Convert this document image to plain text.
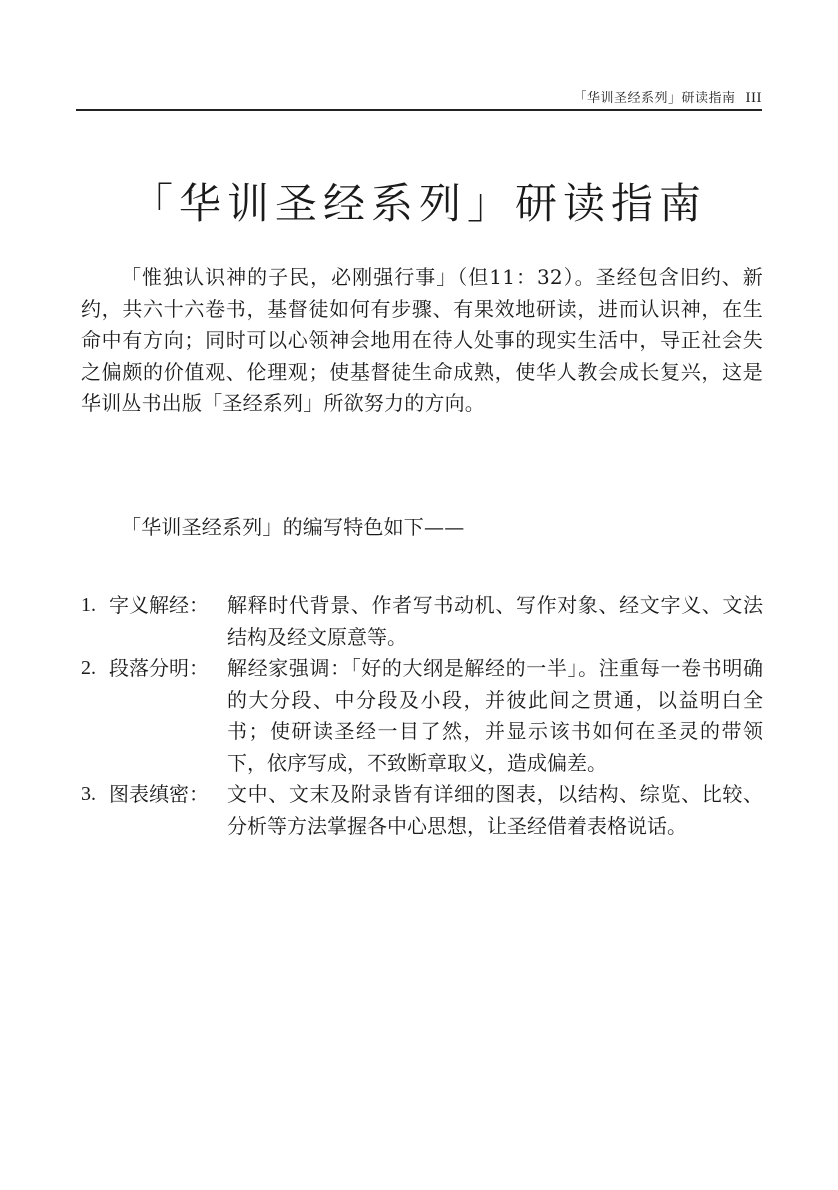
「华训圣经系列」研读指南 III
「华训圣经系列」研读指南

「惟独认识神的子民，必刚强行事」（但11：32）。圣经包含旧约、新约，共六十六卷书，基督徒如何有步骤、有果效地研读，进而认识神，在生命中有方向；同时可以心领神会地用在待人处事的现实生活中，导正社会失之偏颇的价值观、伦理观；使基督徒生命成熟，使华人教会成长复兴，这是华训丛书出版「圣经系列」所欲努力的方向。

「华训圣经系列」的编写特色如下——

1. 字义解经： 解释时代背景、作者写书动机、写作对象、经文字义、文法结构及经文原意等。
2. 段落分明： 解经家强调：「好的大纲是解经的一半」。注重每一卷书明确的大分段、中分段及小段，并彼此间之贯通，以益明白全书；使研读圣经一目了然，并显示该书如何在圣灵的带领下，依序写成，不致断章取义，造成偏差。
3. 图表缜密： 文中、文末及附录皆有详细的图表，以结构、综览、比较、分析等方法掌握各中心思想，让圣经借着表格说话。
